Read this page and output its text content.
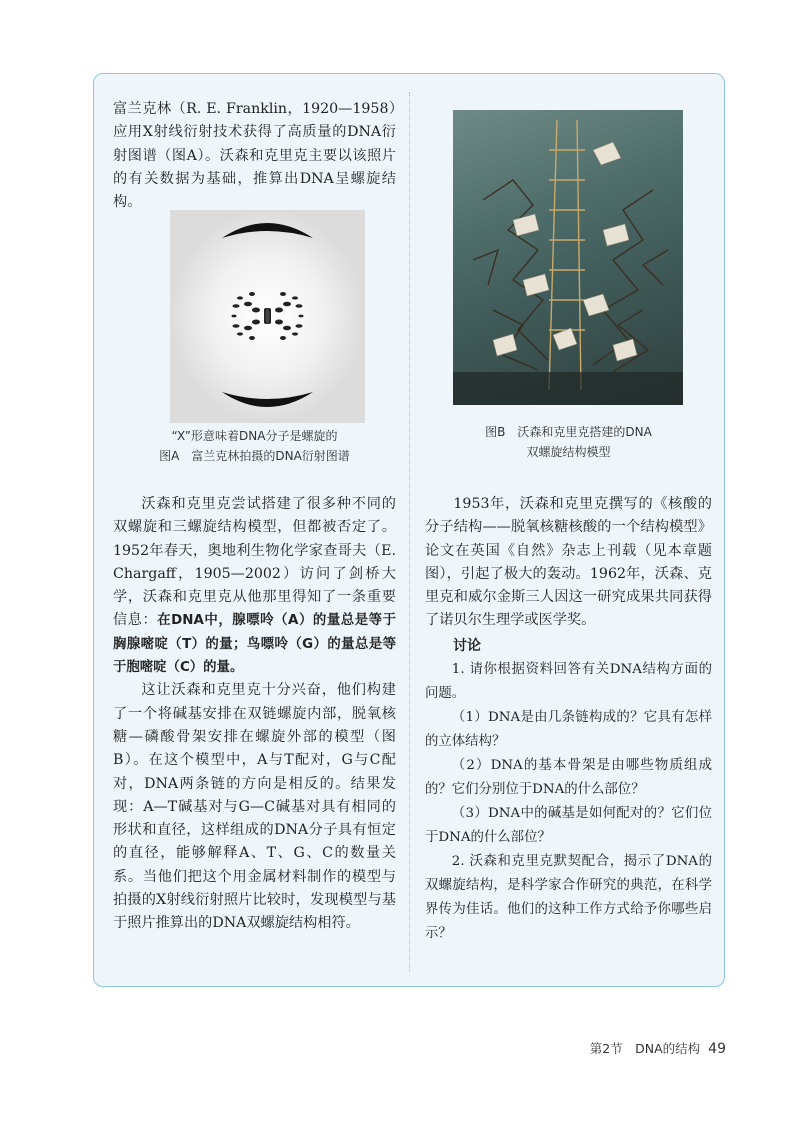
富兰克林（R. E. Franklin，1920—1958）应用X射线衍射技术获得了高质量的DNA衍射图谱（图A）。沃森和克里克主要以该照片的有关数据为基础，推算出DNA呈螺旋结构。

“X”形意味着DNA分子是螺旋的
图A　富兰克林拍摄的DNA衍射图谱

沃森和克里克尝试搭建了很多种不同的双螺旋和三螺旋结构模型，但都被否定了。1952年春天，奥地利生物化学家查哥夫（E. Chargaff，1905—2002）访问了剑桥大学，沃森和克里克从他那里得知了一条重要信息：在DNA中，腺嘌呤（A）的量总是等于胸腺嘧啶（T）的量；鸟嘌呤（G）的量总是等于胞嘧啶（C）的量。

这让沃森和克里克十分兴奋，他们构建了一个将碱基安排在双链螺旋内部，脱氧核糖—磷酸骨架安排在螺旋外部的模型（图B）。在这个模型中，A与T配对，G与C配对，DNA两条链的方向是相反的。结果发现：A—T碱基对与G—C碱基对具有相同的形状和直径，这样组成的DNA分子具有恒定的直径，能够解释A、T、G、C的数量关系。当他们把这个用金属材料制作的模型与拍摄的X射线衍射照片比较时，发现模型与基于照片推算出的DNA双螺旋结构相符。

图B　沃森和克里克搭建的DNA
双螺旋结构模型

1953年，沃森和克里克撰写的《核酸的分子结构——脱氧核糖核酸的一个结构模型》论文在英国《自然》杂志上刊载（见本章题图），引起了极大的轰动。1962年，沃森、克里克和威尔金斯三人因这一研究成果共同获得了诺贝尔生理学或医学奖。

讨论

1. 请你根据资料回答有关DNA结构方面的问题。

（1）DNA是由几条链构成的？它具有怎样的立体结构？

（2）DNA的基本骨架是由哪些物质组成的？它们分别位于DNA的什么部位？

（3）DNA中的碱基是如何配对的？它们位于DNA的什么部位？

2. 沃森和克里克默契配合，揭示了DNA的双螺旋结构，是科学家合作研究的典范，在科学界传为佳话。他们的这种工作方式给予你哪些启示？

第2节　DNA的结构 49
